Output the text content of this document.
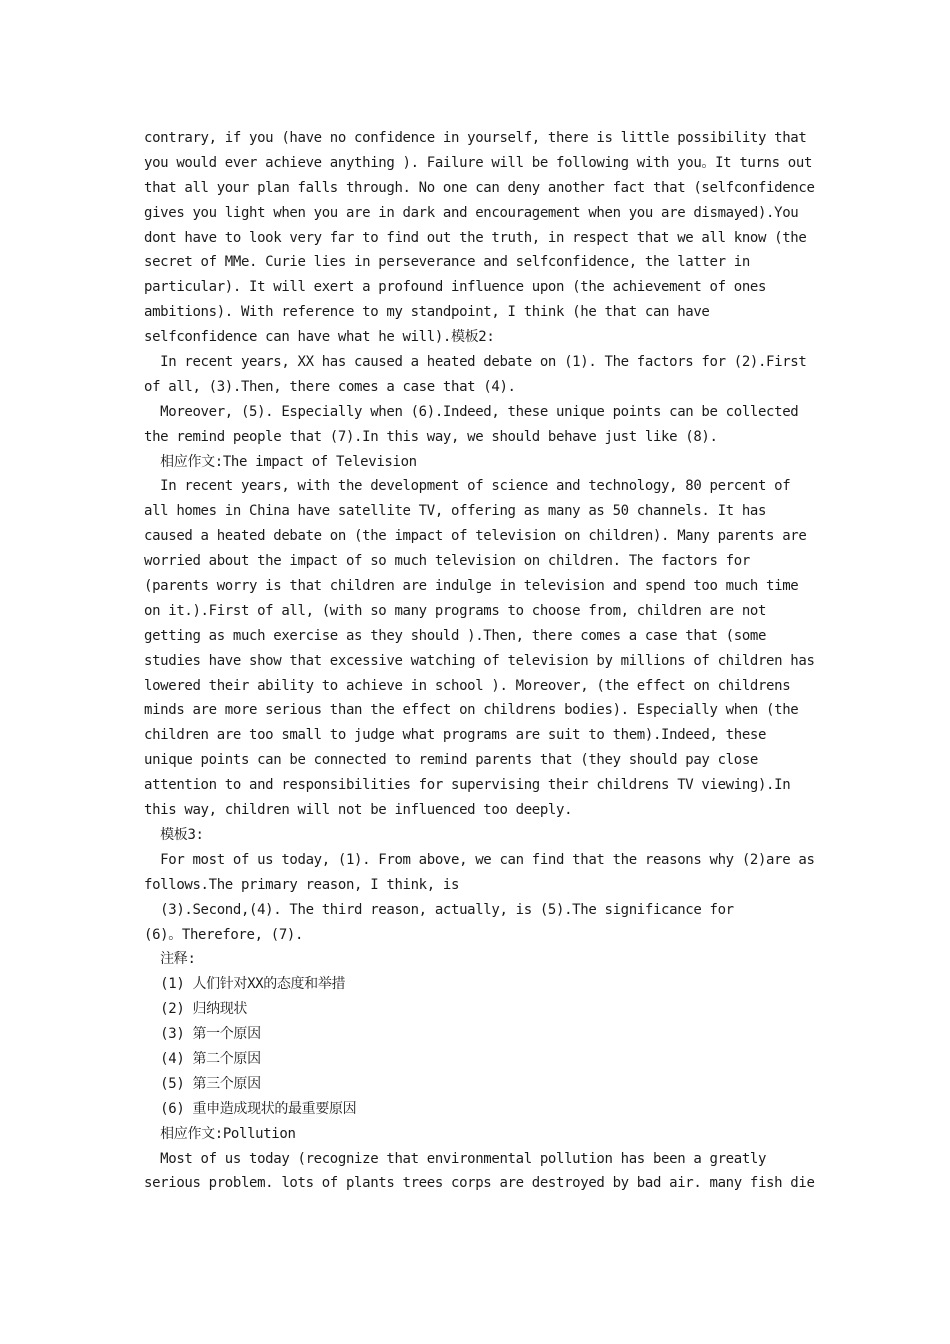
contrary, if you (have no confidence in yourself, there is little possibility that
you would ever achieve anything ). Failure will be following with you。It turns out
that all your plan falls through. No one can deny another fact that (selfconfidence
gives you light when you are in dark and encouragement when you are dismayed).You
dont have to look very far to find out the truth, in respect that we all know (the
secret of MMe. Curie lies in perseverance and selfconfidence, the latter in
particular). It will exert a profound influence upon (the achievement of ones
ambitions). With reference to my standpoint, I think (he that can have
selfconfidence can have what he will).模板2:
In recent years, XX has caused a heated debate on (1). The factors for (2).First
of all, (3).Then, there comes a case that (4).
Moreover, (5). Especially when (6).Indeed, these unique points can be collected
the remind people that (7).In this way, we should behave just like (8).
相应作文:The impact of Television
In recent years, with the development of science and technology, 80 percent of
all homes in China have satellite TV, offering as many as 50 channels. It has
caused a heated debate on (the impact of television on children). Many parents are
worried about the impact of so much television on children. The factors for
(parents worry is that children are indulge in television and spend too much time
on it.).First of all, (with so many programs to choose from, children are not
getting as much exercise as they should ).Then, there comes a case that (some
studies have show that excessive watching of television by millions of children has
lowered their ability to achieve in school ). Moreover, (the effect on childrens
minds are more serious than the effect on childrens bodies). Especially when (the
children are too small to judge what programs are suit to them).Indeed, these
unique points can be connected to remind parents that (they should pay close
attention to and responsibilities for supervising their childrens TV viewing).In
this way, children will not be influenced too deeply.
模板3:
For most of us today, (1). From above, we can find that the reasons why (2)are as
follows.The primary reason, I think, is
(3).Second,(4). The third reason, actually, is (5).The significance for
(6)。Therefore, (7).
注释:
(1) 人们针对XX的态度和举措
(2) 归纳现状
(3) 第一个原因
(4) 第二个原因
(5) 第三个原因
(6) 重申造成现状的最重要原因
相应作文:Pollution
Most of us today (recognize that environmental pollution has been a greatly
serious problem. lots of plants trees corps are destroyed by bad air. many fish die
